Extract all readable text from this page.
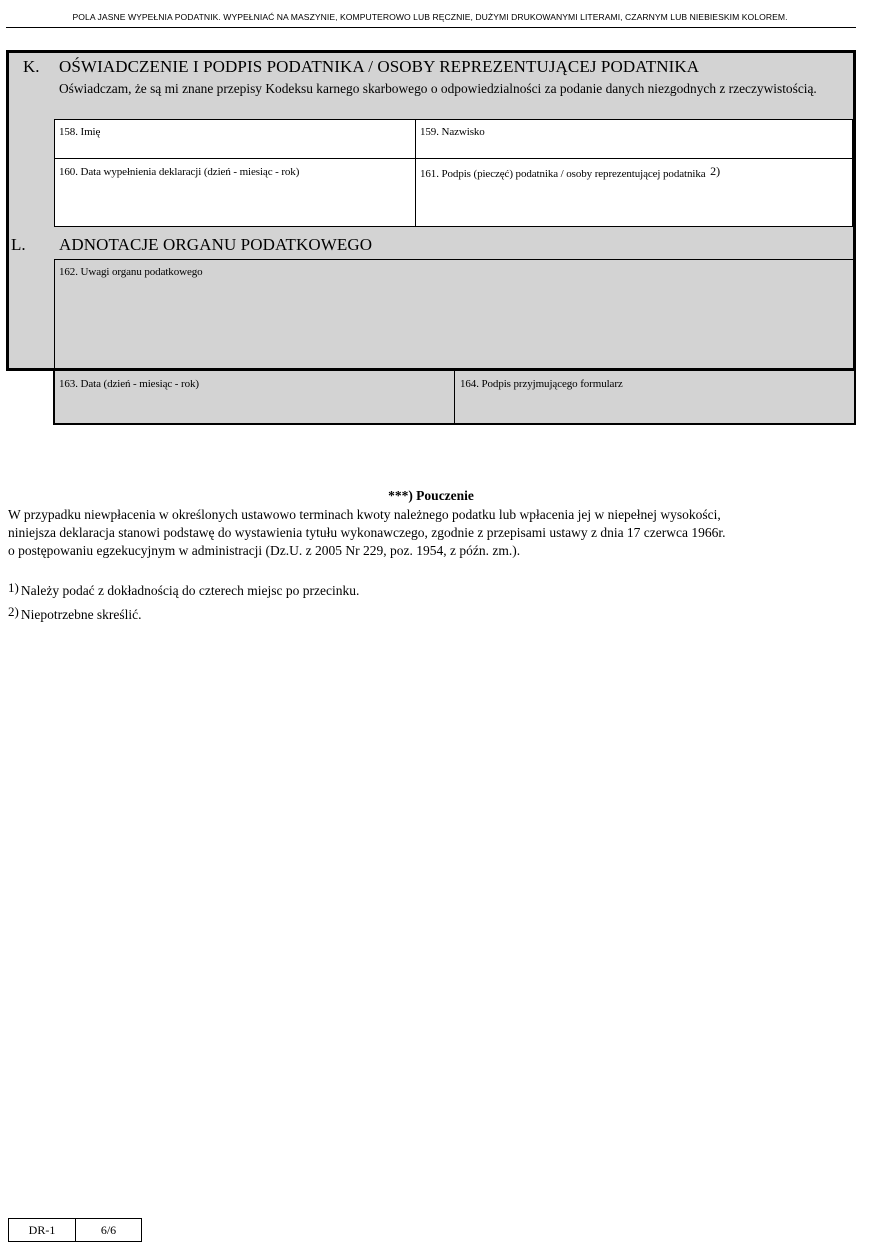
POLA JASNE WYPEŁNIA PODATNIK. WYPEŁNIAĆ NA MASZYNIE, KOMPUTEROWO LUB RĘCZNIE, DUŻYMI DRUKOWANYMI LITERAMI, CZARNYM LUB NIEBIESKIM KOLOREM.
K. OŚWIADCZENIE I PODPIS PODATNIKA / OSOBY REPREZENTUJĄCEJ PODATNIKA
Oświadczam, że są mi znane przepisy Kodeksu karnego skarbowego o odpowiedzialności za podanie danych niezgodnych z rzeczywistością.
158. Imię	159. Nazwisko
160. Data wypełnienia deklaracji (dzień - miesiąc - rok)	161. Podpis (pieczęć) podatnika / osoby reprezentującej podatnika 2)
L. ADNOTACJE ORGANU PODATKOWEGO
162. Uwagi organu podatkowego
163. Data (dzień - miesiąc - rok)	164. Podpis przyjmującego formularz
***) Pouczenie
W przypadku niewpłacenia w określonych ustawowo terminach kwoty należnego podatku lub wpłacenia jej w niepełnej wysokości,
niniejsza deklaracja stanowi podstawę do wystawienia tytułu wykonawczego, zgodnie z przepisami ustawy z dnia 17 czerwca 1966r.
o postępowaniu egzekucyjnym w administracji (Dz.U. z 2005 Nr 229, poz. 1954, z późn. zm.).
$^{1)}$ Należy podać z dokładnością do czterech miejsc po przecinku.
$^{2)}$ Niepotrzebne skreślić.
DR-1	6/6
